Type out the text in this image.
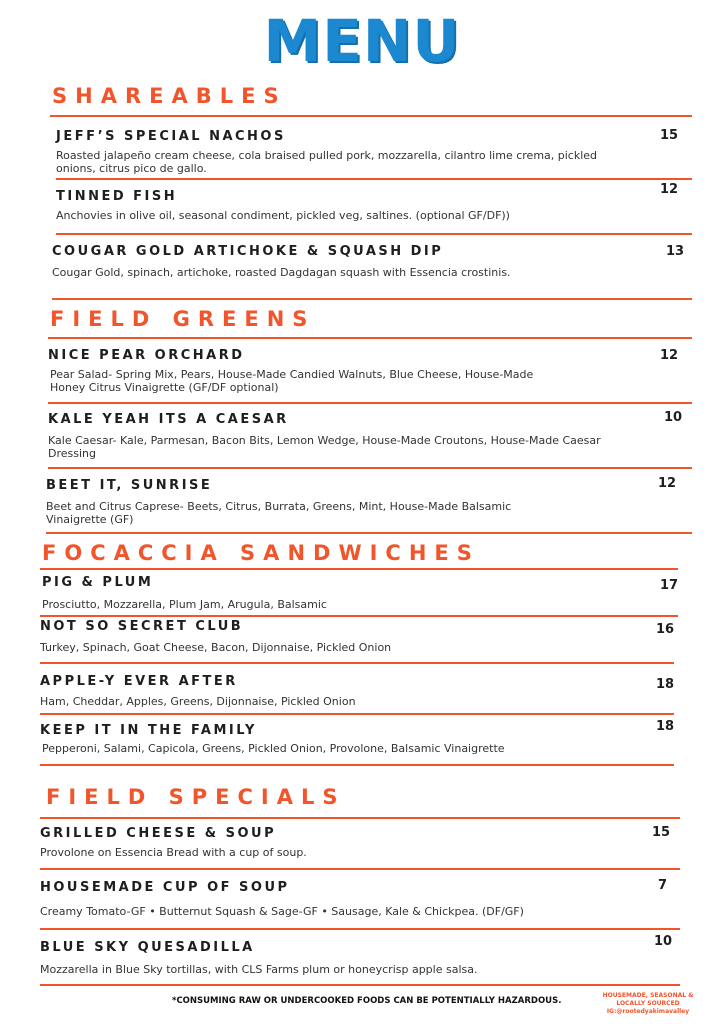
MENU
SHAREABLES
JEFF’S SPECIAL NACHOS	15
Roasted jalapeño cream cheese, cola braised pulled pork, mozzarella, cilantro lime crema, pickled onions, citrus pico de gallo.
TINNED FISH	12
Anchovies in olive oil, seasonal condiment, pickled veg, saltines. (optional GF/DF))
COUGAR GOLD ARTICHOKE & SQUASH DIP	13
Cougar Gold, spinach, artichoke, roasted Dagdagan squash with Essencia crostinis.
FIELD GREENS
NICE PEAR ORCHARD	12
Pear Salad- Spring Mix, Pears, House-Made Candied Walnuts, Blue Cheese, House-Made Honey Citrus Vinaigrette (GF/DF optional)
KALE YEAH ITS A CAESAR	10
Kale Caesar- Kale, Parmesan, Bacon Bits, Lemon Wedge, House-Made Croutons, House-Made Caesar Dressing
BEET IT, SUNRISE	12
Beet and Citrus Caprese- Beets, Citrus, Burrata, Greens, Mint, House-Made Balsamic Vinaigrette (GF)
FOCACCIA SANDWICHES
PIG & PLUM	17
Prosciutto, Mozzarella, Plum Jam, Arugula, Balsamic
NOT SO SECRET CLUB	16
Turkey, Spinach, Goat Cheese, Bacon, Dijonnaise, Pickled Onion
APPLE-Y EVER AFTER	18
Ham, Cheddar, Apples, Greens, Dijonnaise, Pickled Onion
KEEP IT IN THE FAMILY	18
Pepperoni, Salami, Capicola, Greens, Pickled Onion, Provolone, Balsamic Vinaigrette
FIELD SPECIALS
GRILLED CHEESE & SOUP	15
Provolone on Essencia Bread with a cup of soup.
HOUSEMADE CUP OF SOUP	7
Creamy Tomato-GF • Butternut Squash & Sage-GF • Sausage, Kale & Chickpea. (DF/GF)
BLUE SKY QUESADILLA	10
Mozzarella in Blue Sky tortillas, with CLS Farms plum or honeycrisp apple salsa.
*CONSUMING RAW OR UNDERCOOKED FOODS CAN BE POTENTIALLY HAZARDOUS.
HOUSEMADE, SEASONAL &
LOCALLY SOURCED
IG:@rootedyakimavalley
